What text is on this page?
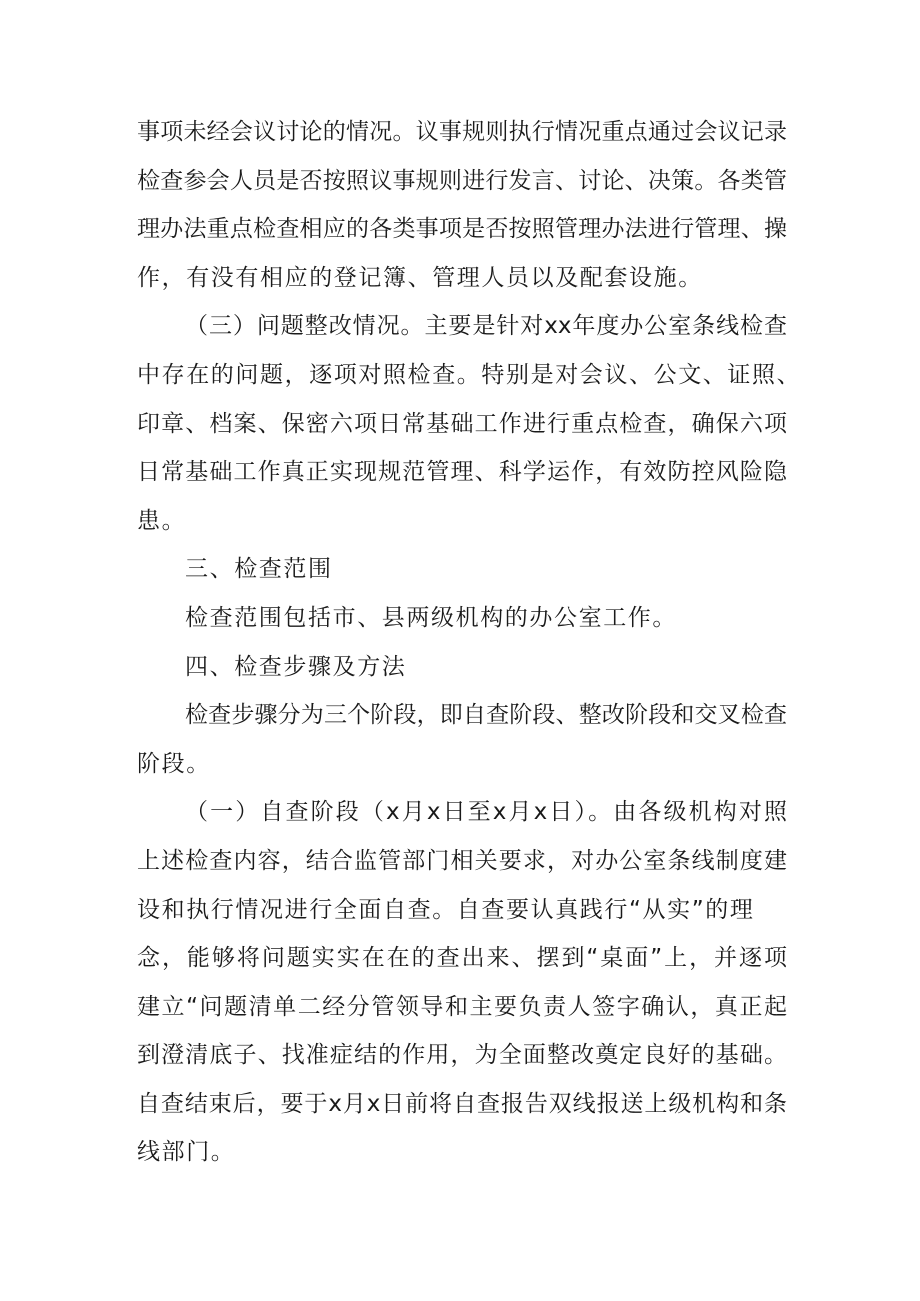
事项未经会议讨论的情况。议事规则执行情况重点通过会议记录
检查参会人员是否按照议事规则进行发言、讨论、决策。各类管
理办法重点检查相应的各类事项是否按照管理办法进行管理、操
作，有没有相应的登记簿、管理人员以及配套设施。
（三）问题整改情况。主要是针对xx年度办公室条线检查
中存在的问题，逐项对照检查。特别是对会议、公文、证照、
印章、档案、保密六项日常基础工作进行重点检查，确保六项
日常基础工作真正实现规范管理、科学运作，有效防控风险隐
患。
三、检查范围
检查范围包括市、县两级机构的办公室工作。
四、检查步骤及方法
检查步骤分为三个阶段，即自查阶段、整改阶段和交叉检查
阶段。
（一）自查阶段（x月x日至x月x日）。由各级机构对照
上述检查内容，结合监管部门相关要求，对办公室条线制度建
设和执行情况进行全面自查。自查要认真践行“从实”的理
念，能够将问题实实在在的查出来、摆到“桌面”上，并逐项
建立“问题清单二经分管领导和主要负责人签字确认，真正起
到澄清底子、找准症结的作用，为全面整改奠定良好的基础。
自查结束后，要于x月x日前将自查报告双线报送上级机构和条
线部门。
